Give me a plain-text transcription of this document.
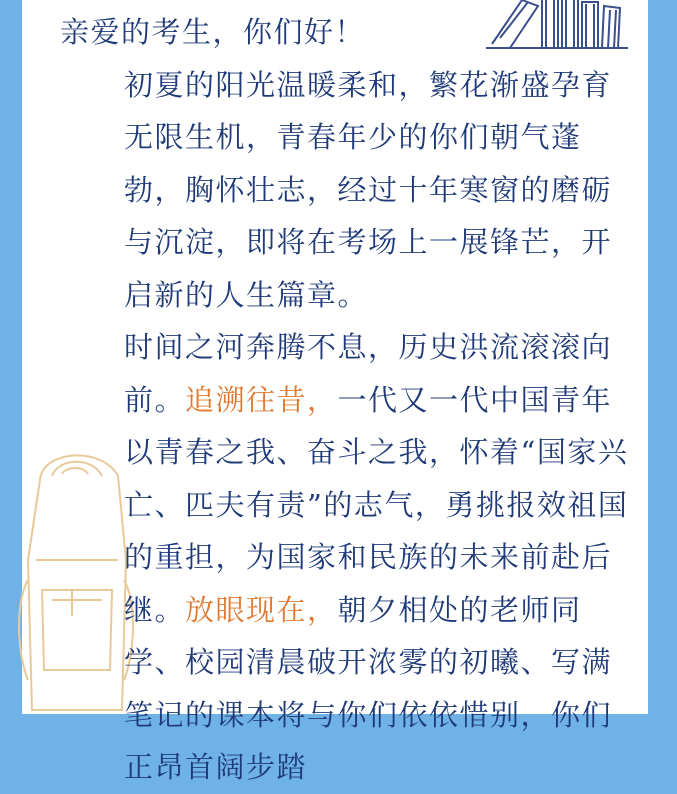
亲爱的考生，你们好！

初夏的阳光温暖柔和，繁花渐盛孕育无限生机，青春年少的你们朝气蓬勃，胸怀壮志，经过十年寒窗的磨砺与沉淀，即将在考场上一展锋芒，开启新的人生篇章。

时间之河奔腾不息，历史洪流滚滚向前。追溯往昔，一代又一代中国青年以青春之我、奋斗之我，怀着“国家兴亡、匹夫有责”的志气，勇挑报效祖国的重担，为国家和民族的未来前赴后继。放眼现在，朝夕相处的老师同学、校园清晨破开浓雾的初曦、写满笔记的课本将与你们依依惜别，你们正昂首阔步踏
